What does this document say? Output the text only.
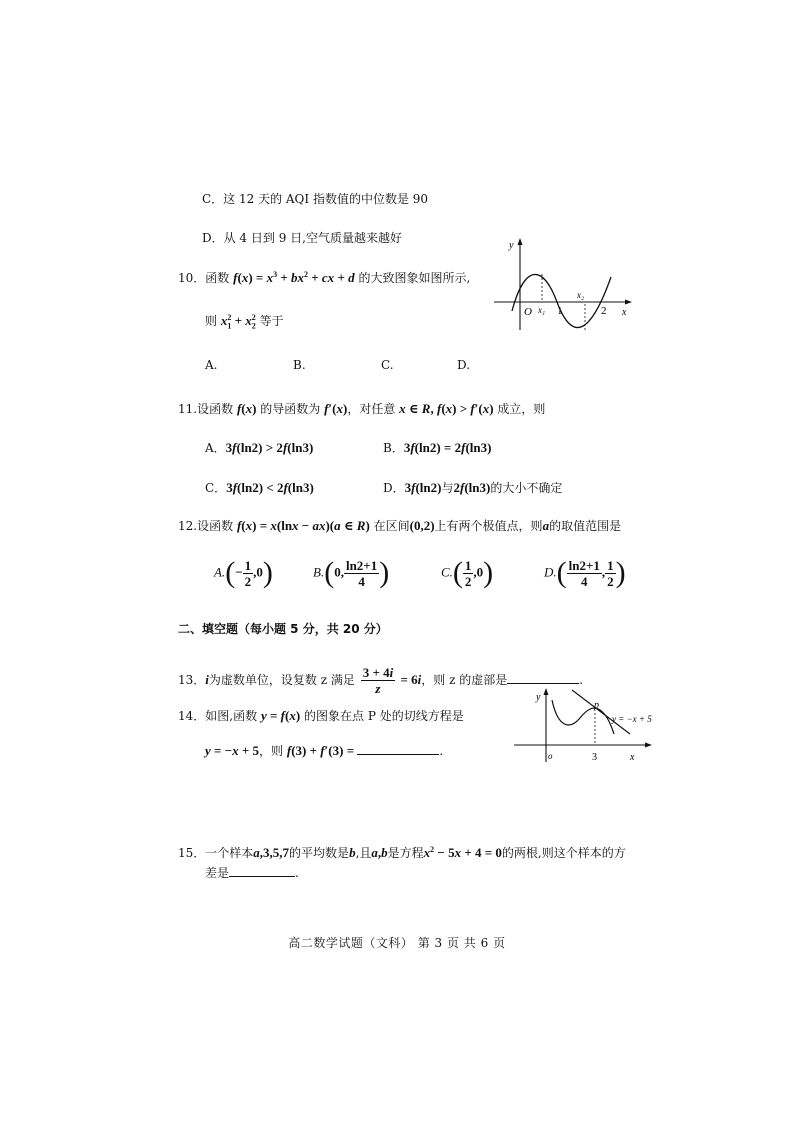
C．这 12 天的 AQI 指数值的中位数是 90
D．从 4 日到 9 日,空气质量越来越好
10．函数 $f(x) = x^3 + bx^2$ + cx + d 的大致图象如图所示,
则 $x_1^2 + x_2^2$ 等于
A.	B.	C.	D.
y
O x₁ 1
x₂
2 x
11.设函数 f(x) 的导函数为 f′(x)，对任意 x ∈ R, f(x) > f′(x) 成立，则
A．3f(ln2) > 2f(ln3)	B．3f(ln2) = 2f(ln3)
C．3f(ln2) < 2f(ln3)	D．3f(ln2)与2f(ln3)的大小不确定
12.设函数 f(x) = x(lnx − ax)(a ∈ R) 在区间(0,2)上有两个极值点，则a的取值范围是
$A.(- \frac{1}{2} ,0)$	B.(0, $\frac{\ln 2+1}{4}$ )	$C.( \frac{1}{2} ,0)$	$D.( \frac{\ln 2+1}{4}$ , $\frac{1}{2}$ )
二、填空题（每小题 5 分，共 20 分）
13．i为虚数单位，设复数 z 满足 $\frac{3 + 4i}{z} = 6i$，则 z 的虚部是	.
14．如图,函数 y = f(x) 的图象在点 P 处的切线方程是
y = −x + 5，则 f(3) + f′(3) =	.
y
p
y = −x + 5
o	3	x
15．一个样本a,3,5,7的平均数是b,且a,b是方程$x^2 - 5x + 4 = 0$的两根,则这个样本的方
差是	.
高二数学试题（文科） 第 3 页 共 6 页
